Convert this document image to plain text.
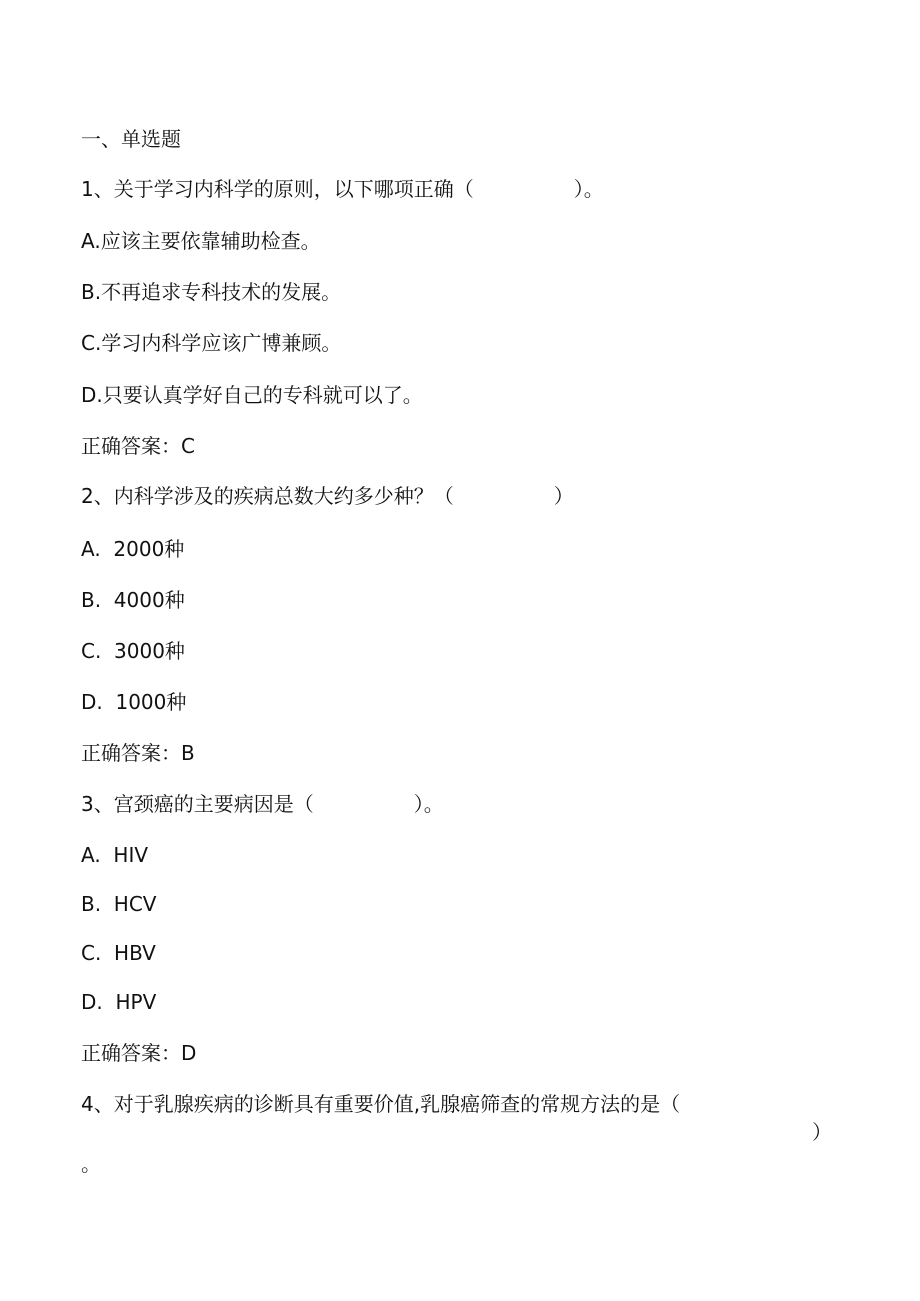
一、单选题
1、关于学习内科学的原则，以下哪项正确（　　　　　）。
A.应该主要依靠辅助检查。
B.不再追求专科技术的发展。
C.学习内科学应该广博兼顾。
D.只要认真学好自己的专科就可以了。
正确答案：C
2、内科学涉及的疾病总数大约多少种？（　　　　　）
A.  2000种
B.  4000种
C.  3000种
D.  1000种
正确答案：B
3、宫颈癌的主要病因是（　　　　　）。
A.  HIV
B.  HCV
C.  HBV
D.  HPV
正确答案：D
4、对于乳腺疾病的诊断具有重要价值,乳腺癌筛查的常规方法的是（
）
。
